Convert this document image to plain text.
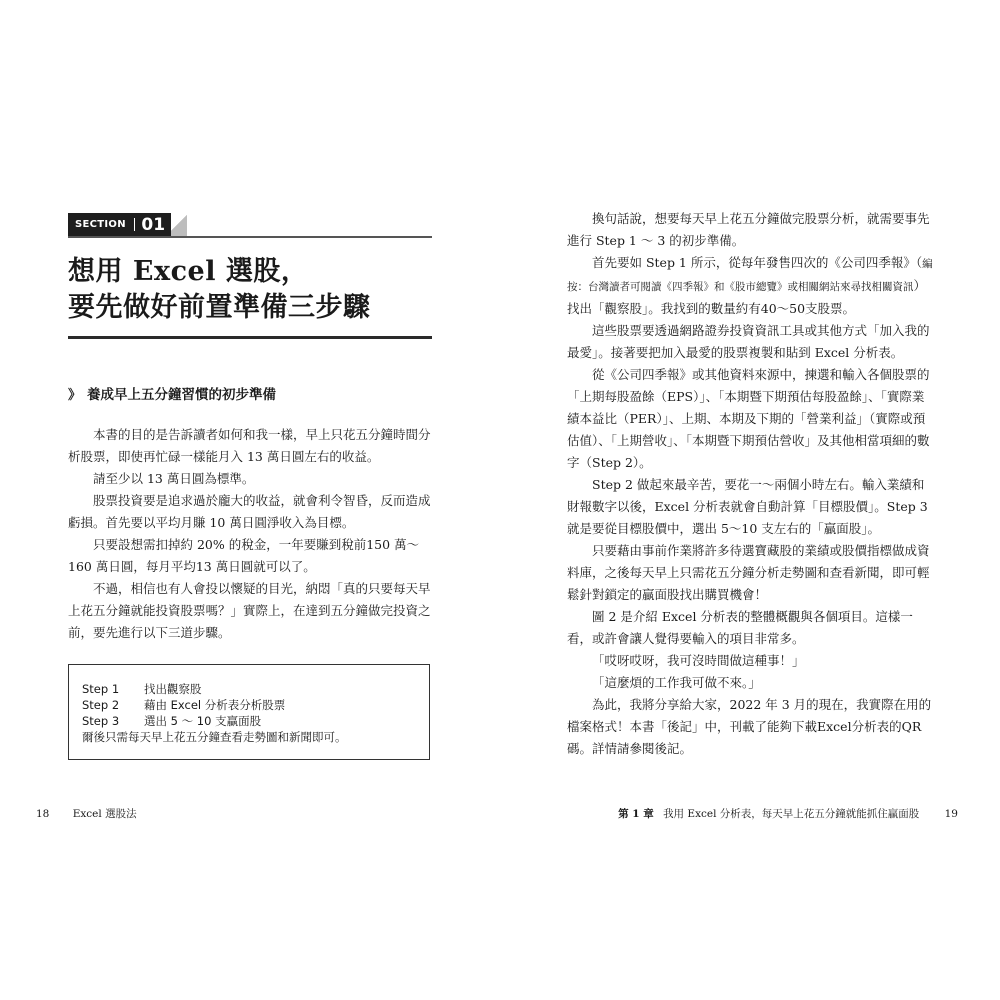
SECTION 01
想用 Excel 選股，
要先做好前置準備三步驟
》 養成早上五分鐘習慣的初步準備

本書的目的是告訴讀者如何和我一樣，早上只花五分鐘時間分析股票，即使再忙碌一樣能月入 13 萬日圓左右的收益。

請至少以 13 萬日圓為標準。

股票投資要是追求過於龐大的收益，就會利令智昏，反而造成虧損。首先要以平均月賺 10 萬日圓淨收入為目標。

只要設想需扣掉約 20% 的稅金，一年要賺到稅前150 萬～160 萬日圓，每月平均13 萬日圓就可以了。

不過，相信也有人會投以懷疑的目光，納悶「真的只要每天早上花五分鐘就能投資股票嗎？」實際上，在達到五分鐘做完投資之前，要先進行以下三道步驟。

Step 1 找出觀察股
Step 2 藉由 Excel 分析表分析股票
Step 3 選出 5 ～ 10 支贏面股
爾後只需每天早上花五分鐘查看走勢圖和新聞即可。
18 Excel 選股法

換句話說，想要每天早上花五分鐘做完股票分析，就需要事先進行 Step 1 ～ 3 的初步準備。

首先要如 Step 1 所示，從每年發售四次的《公司四季報》（編按：台灣讀者可閱讀《四季報》和《股市總覽》或相關網站來尋找相關資訊）找出「觀察股」。我找到的數量約有40～50支股票。

這些股票要透過網路證券投資資訊工具或其他方式「加入我的最愛」。接著要把加入最愛的股票複製和貼到 Excel 分析表。

從《公司四季報》或其他資料來源中，揀選和輸入各個股票的「上期每股盈餘（EPS）」、「本期暨下期預估每股盈餘」、「實際業績本益比（PER）」、上期、本期及下期的「營業利益」（實際或預估值）、「上期營收」、「本期暨下期預估營收」及其他相當項細的數字（Step 2）。

Step 2 做起來最辛苦，要花一～兩個小時左右。輸入業績和財報數字以後，Excel 分析表就會自動計算「目標股價」。Step 3 就是要從目標股價中，選出 5～10 支左右的「贏面股」。

只要藉由事前作業將許多待選寶藏股的業績或股價指標做成資料庫，之後每天早上只需花五分鐘分析走勢圖和查看新聞，即可輕鬆針對鎖定的贏面股找出購買機會！

圖 2 是介紹 Excel 分析表的整體概觀與各個項目。這樣一看，或許會讓人覺得要輸入的項目非常多。

「哎呀哎呀，我可沒時間做這種事！」

「這麼煩的工作我可做不來。」

為此，我將分享給大家，2022 年 3 月的現在，我實際在用的檔案格式！本書「後記」中，刊載了能夠下載Excel分析表的QR碼。詳情請參閱後記。

第 1 章 我用 Excel 分析表，每天早上花五分鐘就能抓住贏面股 19
